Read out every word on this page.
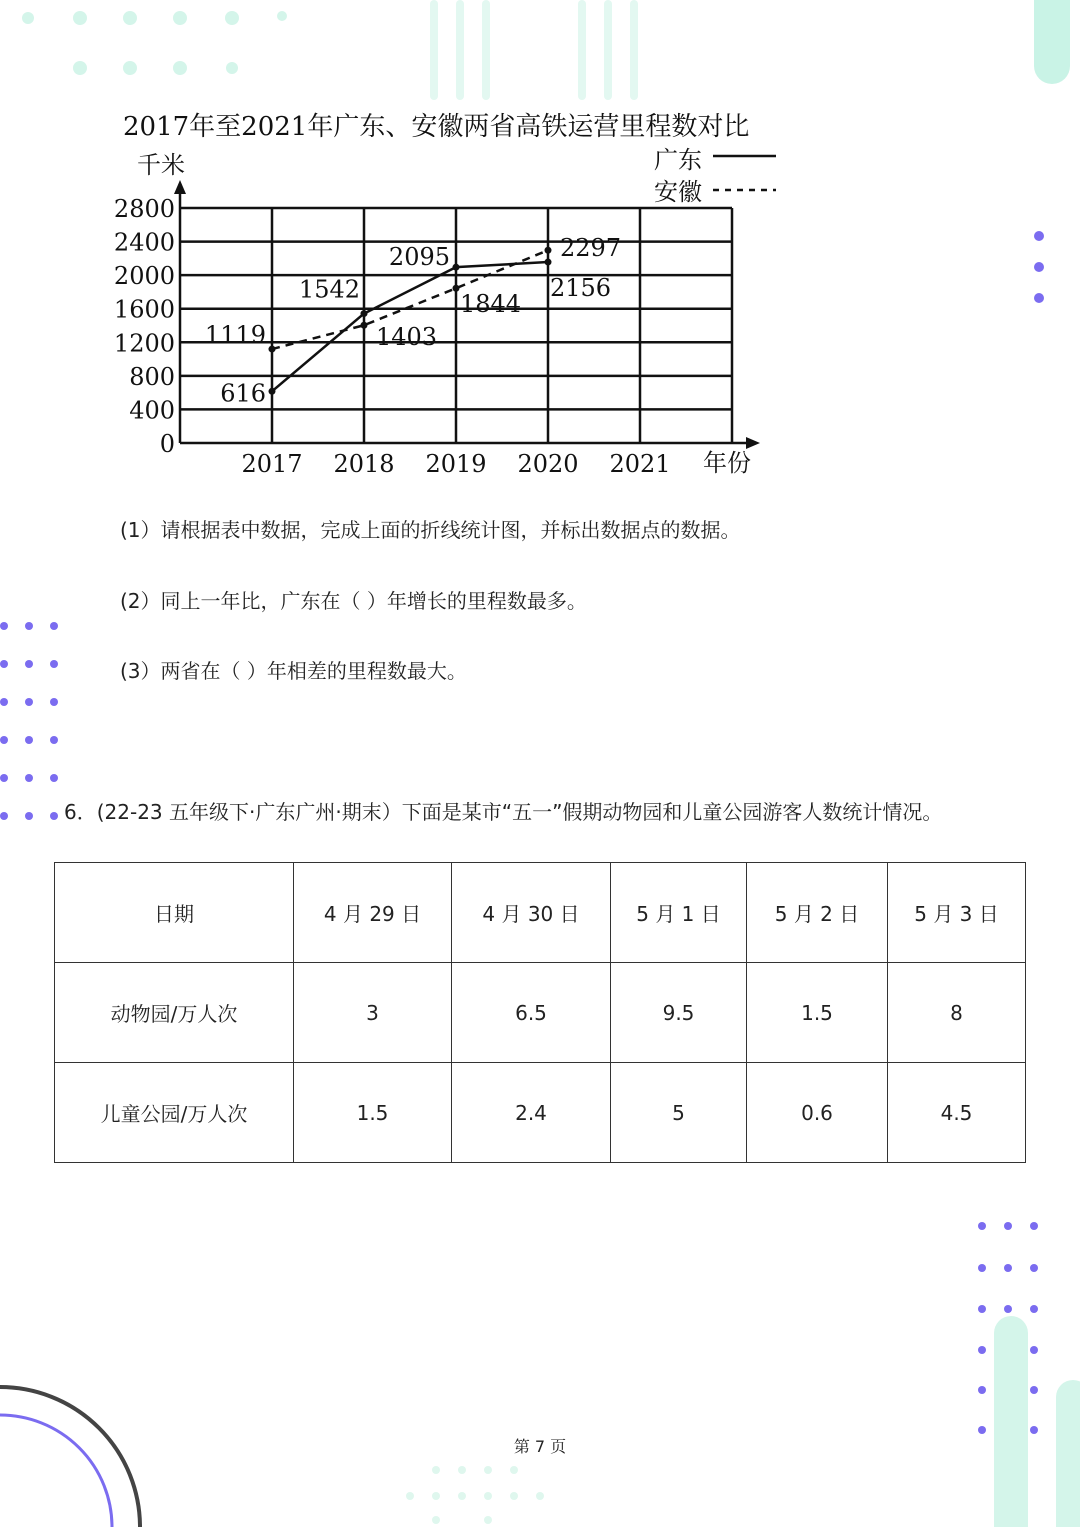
2017年至2021年广东、安徽两省高铁运营里程数对比
千米
年份
广东
安徽
0
400
800
1200
1600
2000
2400
2800
2017 2018 2019 2020 2021
616
1542
2095
2156
1119	1403
1844
2297
(1）请根据表中数据，完成上面的折线统计图，并标出数据点的数据。
(2）同上一年比，广东在（ ）年增长的里程数最多。
(3）两省在（ ）年相差的里程数最大。
6．(22-23 五年级下·广东广州·期末）下面是某市“五一”假期动物园和儿童公园游客人数统计情况。
日期	4 月 29 日	4 月 30 日	5 月 1 日	5 月 2 日	5 月 3 日
动物园/万人次	3	6.5	9.5	1.5	8
儿童公园/万人次	1.5	2.4	5	0.6	4.5
第 7 页
